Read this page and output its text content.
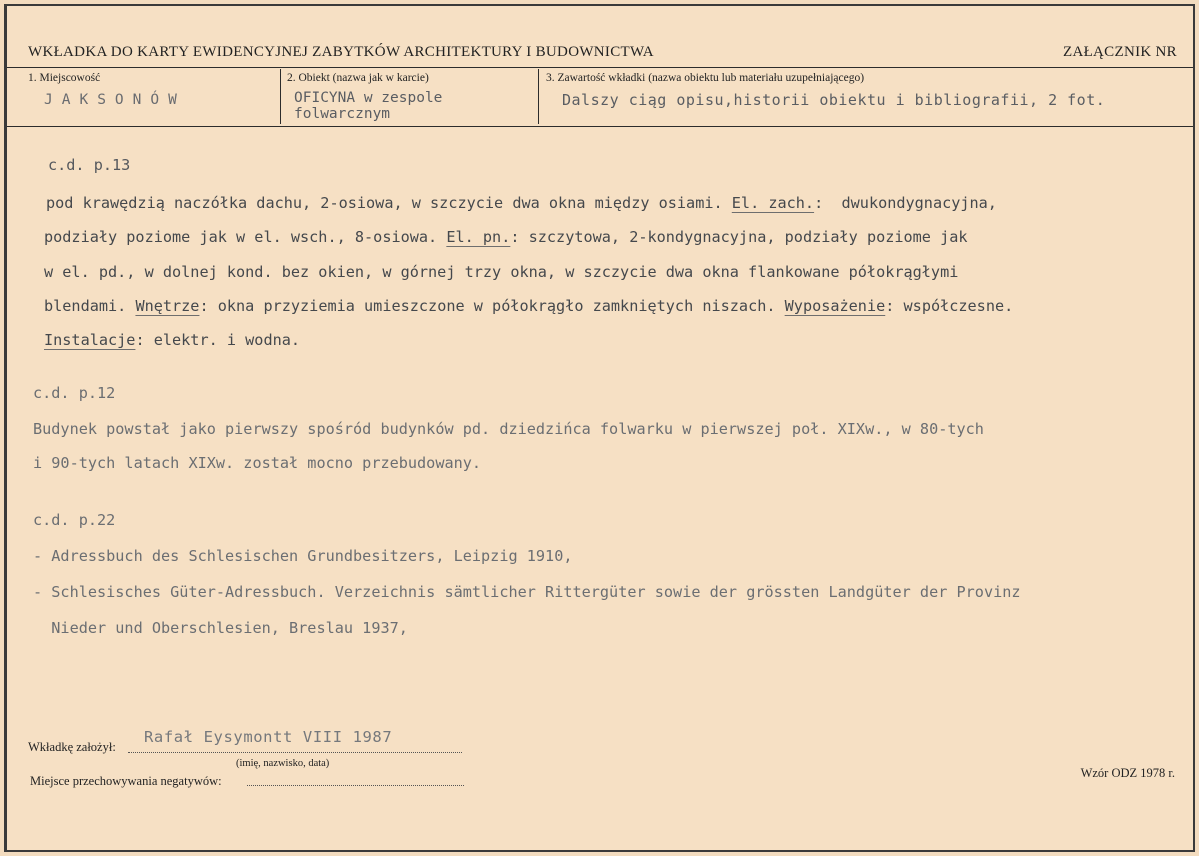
WKŁADKA DO KARTY EWIDENCYJNEJ ZABYTKÓW ARCHITEKTURY I BUDOWNICTWA	ZAŁĄCZNIK NR
1. Miejscowość
JAKSONÓW
2. Obiekt (nazwa jak w karcie)
OFICYNA w zespole
folwarcznym
3. Zawartość wkładki (nazwa obiektu lub materiału uzupełniającego)
Dalszy ciąg opisu,historii obiektu i bibliografii, 2 fot.
c.d. p.13
pod krawędzią naczółka dachu, 2-osiowa, w szczycie dwa okna między osiami. El. zach.:  dwukondygnacyjna,
podziały poziome jak w el. wsch., 8-osiowa. El. pn.: szczytowa, 2-kondygnacyjna, podziały poziome jak
w el. pd., w dolnej kond. bez okien, w górnej trzy okna, w szczycie dwa okna flankowane półokrągłymi
blendami. Wnętrze: okna przyziemia umieszczone w półokrągło zamkniętych niszach. Wyposażenie: współczesne.
Instalacje: elektr. i wodna.
c.d. p.12
Budynek powstał jako pierwszy spośród budynków pd. dziedzińca folwarku w pierwszej poł. XIXw., w 80-tych
i 90-tych latach XIXw. został mocno przebudowany.
c.d. p.22
- Adressbuch des Schlesischen Grundbesitzers, Leipzig 1910,
- Schlesisches Güter-Adressbuch. Verzeichnis sämtlicher Rittergüter sowie der grössten Landgüter der Provinz
Nieder und Oberschlesien, Breslau 1937,
Wkładkę założył:
Rafał Eysymontt VIII 1987
(imię, nazwisko, data)
Miejsce przechowywania negatywów:
Wzór ODZ 1978 r.
